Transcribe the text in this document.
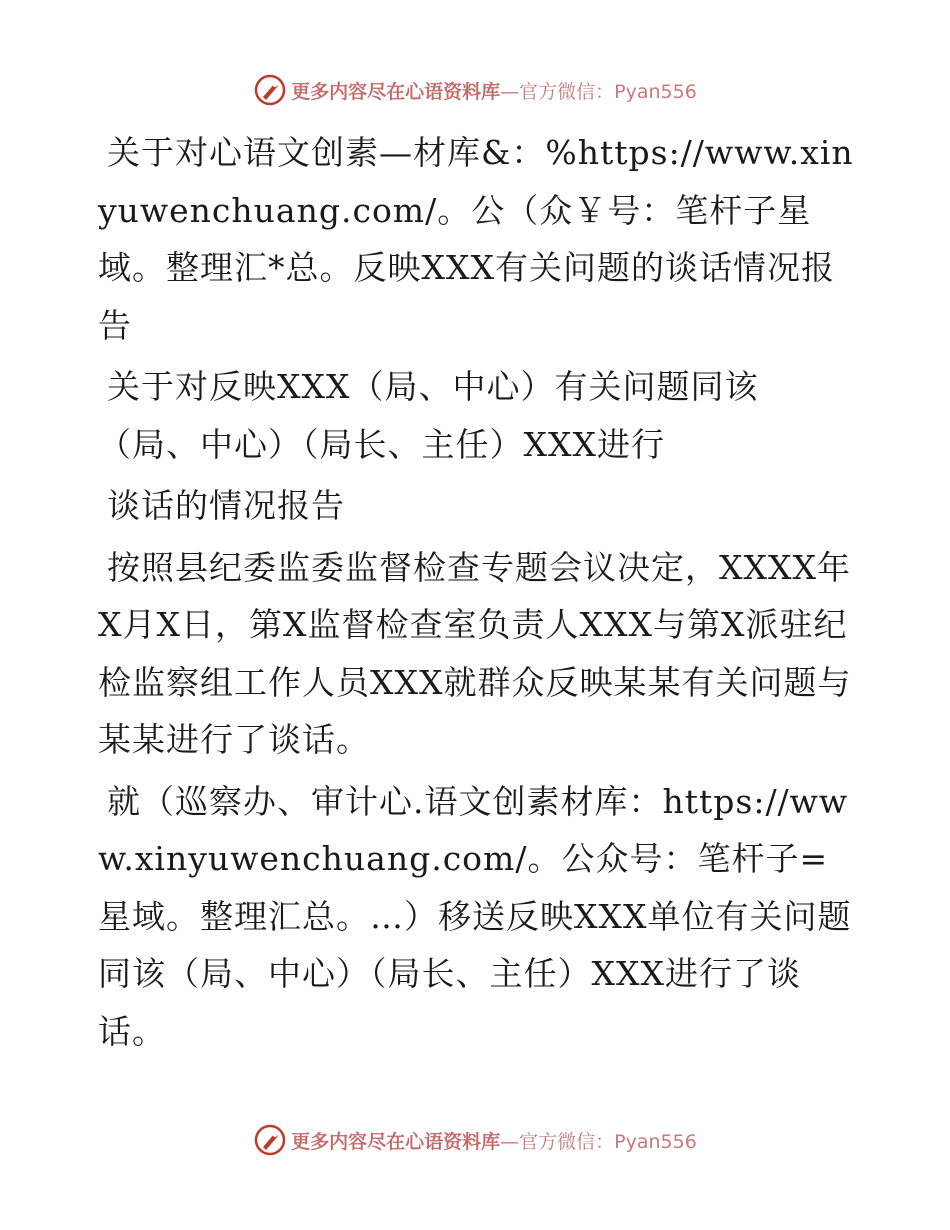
更多内容尽在心语资料库—官方微信：Pyan556

关于对心语文创素—材库&：%https://www.xinyuwenchuang.com/。公（众￥号：笔杆子星域。整理汇*总。反映XXX有关问题的谈话情况报告

关于对反映XXX（局、中心）有关问题同该（局、中心）（局长、主任）XXX进行

谈话的情况报告

按照县纪委监委监督检查专题会议决定，XXXX年X月X日，第X监督检查室负责人XXX与第X派驻纪检监察组工作人员XXX就群众反映某某有关问题与某某进行了谈话。

就（巡察办、审计心.语文创素材库：https://www.xinyuwenchuang.com/。公众号：笔杆子=星域。整理汇总。…）移送反映XXX单位有关问题同该（局、中心）（局长、主任）XXX进行了谈话。

更多内容尽在心语资料库—官方微信：Pyan556
